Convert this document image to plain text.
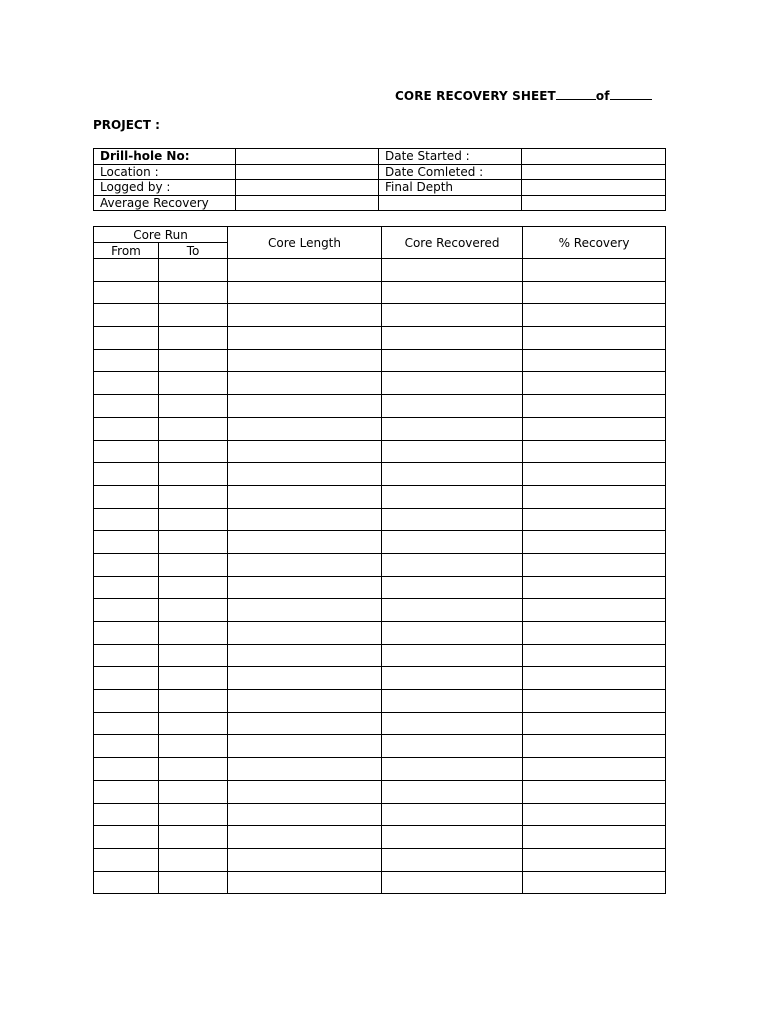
CORE RECOVERY SHEET	of
PROJECT :
Drill-hole No:		Date Started :	
Location :		Date Comleted :	
Logged by :		Final Depth	
Average Recovery			
Core Run		Core Length	Core Recovered	% Recovery
From	To			
